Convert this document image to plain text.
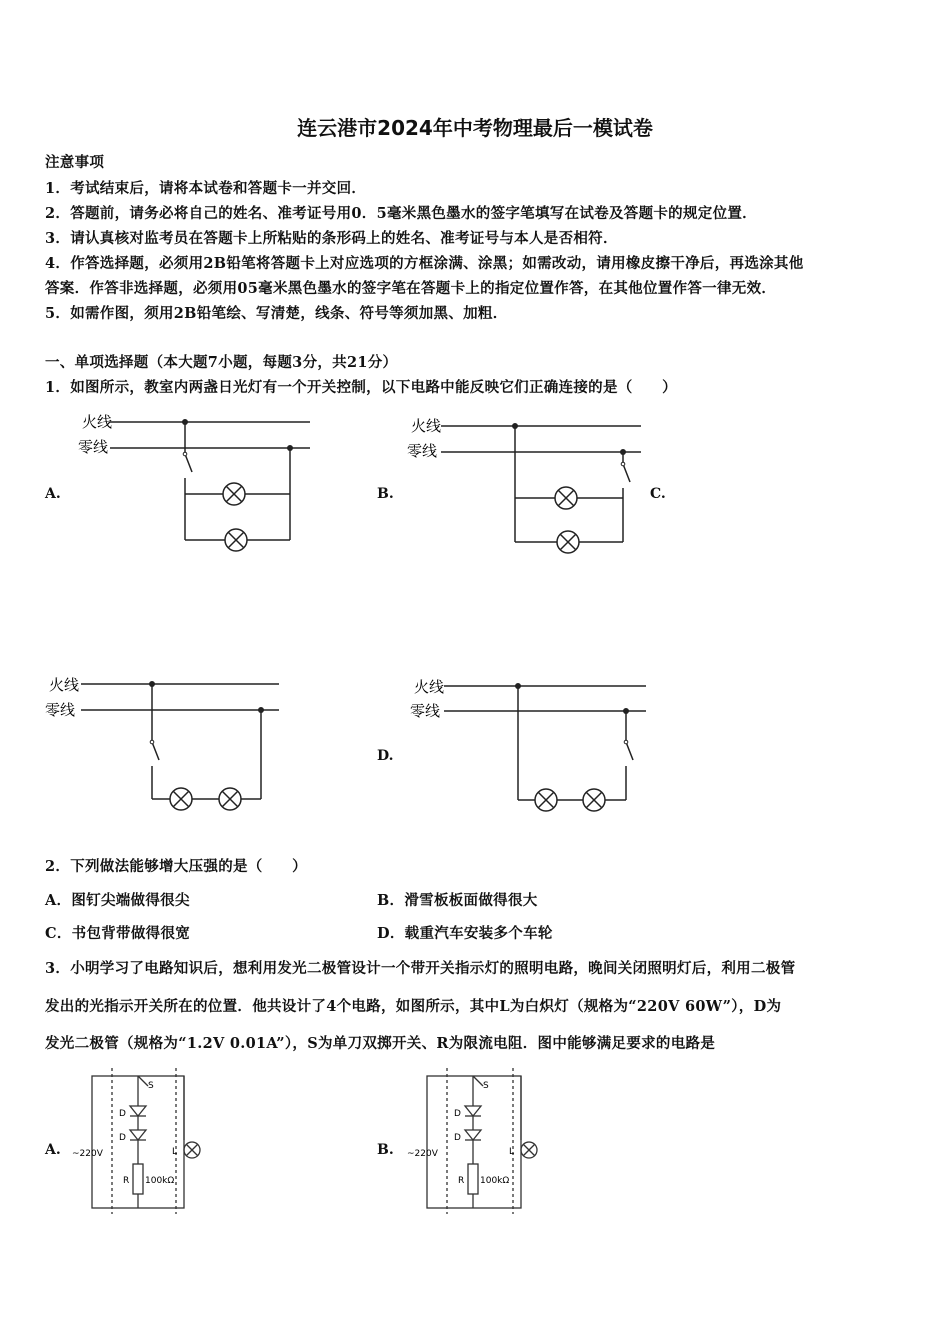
连云港市2024年中考物理最后一模试卷
注意事项
1．考试结束后，请将本试卷和答题卡一并交回．
2．答题前，请务必将自己的姓名、准考证号用0．5毫米黑色墨水的签字笔填写在试卷及答题卡的规定位置．
3．请认真核对监考员在答题卡上所粘贴的条形码上的姓名、准考证号与本人是否相符．
4．作答选择题，必须用2B铅笔将答题卡上对应选项的方框涂满、涂黑；如需改动，请用橡皮擦干净后，再选涂其他
答案．作答非选择题，必须用05毫米黑色墨水的签字笔在答题卡上的指定位置作答，在其他位置作答一律无效．
5．如需作图，须用2B铅笔绘、写清楚，线条、符号等须加黑、加粗．
一、单项选择题（本大题7小题，每题3分，共21分）
1．如图所示，教室内两盏日光灯有一个开关控制，以下电路中能反映它们正确连接的是（　　）
A.
火线
零线
B.	C.
火线
零线
火线
零线
D.
火线
零线
2．下列做法能够增大压强的是（　　）
A．图钉尖端做得很尖	B．滑雪板板面做得很大
C．书包背带做得很宽	D．载重汽车安装多个车轮
3．小明学习了电路知识后，想利用发光二极管设计一个带开关指示灯的照明电路，晚间关闭照明灯后，利用二极管
发出的光指示开关所在的位置．他共设计了4个电路，如图所示，其中L为白炽灯（规格为“220V 60W”），D为
发光二极管（规格为“1.2V 0.01A”），S为单刀双掷开关、R为限流电阻．图中能够满足要求的电路是
A.
S
D
D
~220V
R 100kΩ
L	B.
S
D
D
~220V
R 100kΩ
L
